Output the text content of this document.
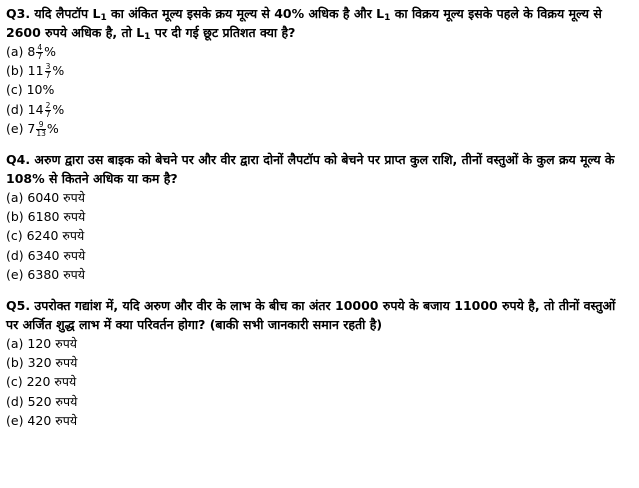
Q3. यदि लैपटॉप $L_1$ का अंकित मूल्य इसके क्रय मूल्य से 40% अधिक है और $L_1$ का विक्रय मूल्य इसके पहले के विक्रय मूल्य से 2600 रुपये अधिक है, तो $L_1$ पर दी गई छूट प्रतिशत क्या है?
(a) $8 \frac{4}{7}$ %
(b) $11 \frac{3}{7}$ %
(c) 10%
(d) $14 \frac{2}{7}$ %
(e) $7 \frac{9}{13}$ %
Q4. अरुण द्वारा उस बाइक को बेचने पर और वीर द्वारा दोनों लैपटॉप को बेचने पर प्राप्त कुल राशि, तीनों वस्तुओं के कुल क्रय मूल्य के 108% से कितने अधिक या कम है?
(a) 6040 रुपये
(b) 6180 रुपये
(c) 6240 रुपये
(d) 6340 रुपये
(e) 6380 रुपये
Q5. उपरोक्त गद्यांश में, यदि अरुण और वीर के लाभ के बीच का अंतर 10000 रुपये के बजाय 11000 रुपये है, तो तीनों वस्तुओं पर अर्जित शुद्ध लाभ में क्या परिवर्तन होगा? (बाकी सभी जानकारी समान रहती है)
(a) 120 रुपये
(b) 320 रुपये
(c) 220 रुपये
(d) 520 रुपये
(e) 420 रुपये
